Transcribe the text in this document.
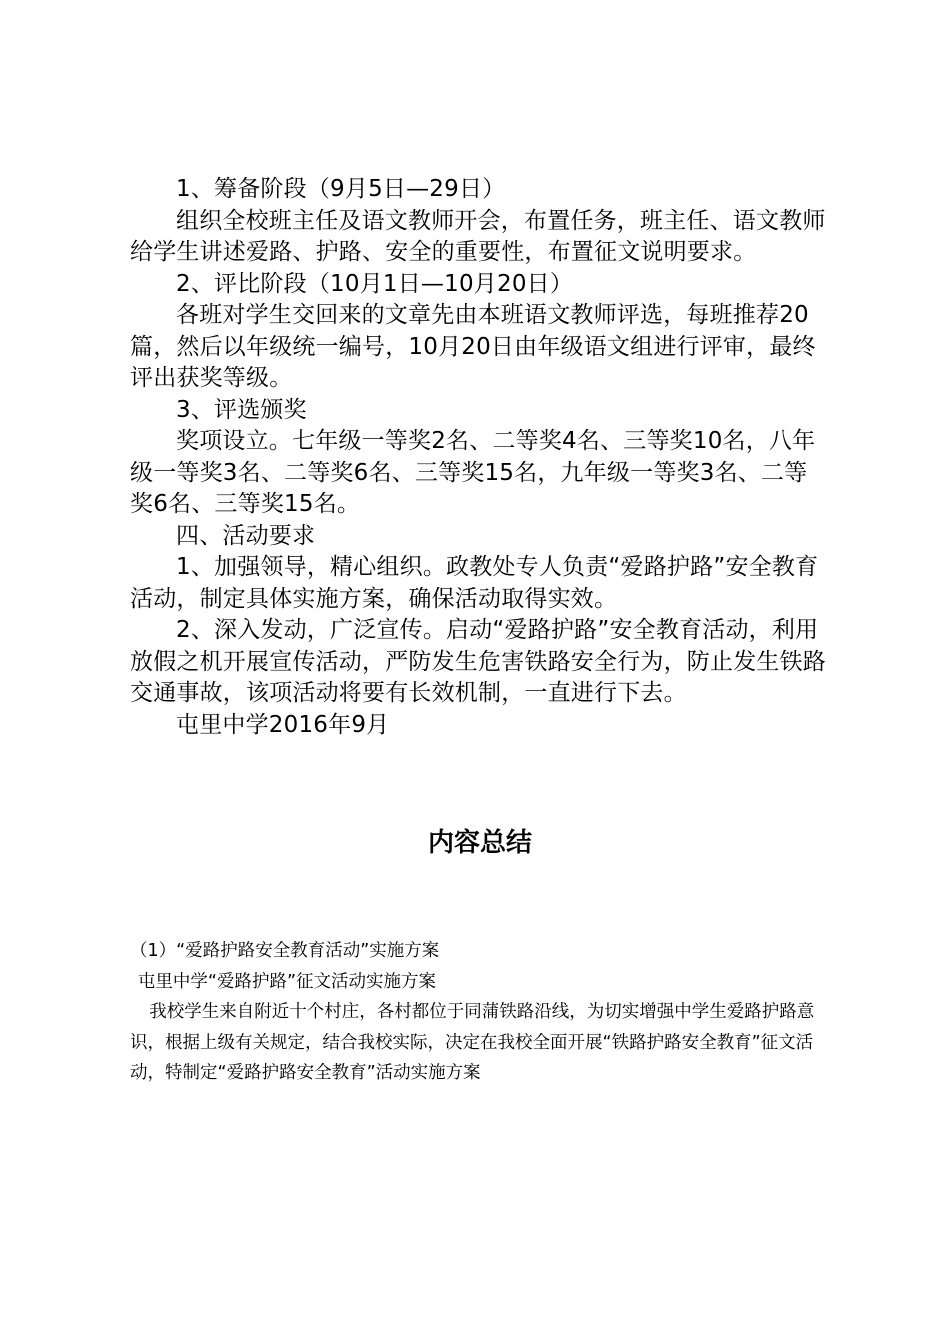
1、筹备阶段（9月5日—29日）

组织全校班主任及语文教师开会，布置任务，班主任、语文教师给学生讲述爱路、护路、安全的重要性，布置征文说明要求。

2、评比阶段（10月1日—10月20日）

各班对学生交回来的文章先由本班语文教师评选，每班推荐20篇，然后以年级统一编号，10月20日由年级语文组进行评审，最终评出获奖等级。

3、评选颁奖

奖项设立。七年级一等奖2名、二等奖4名、三等奖10名，八年级一等奖3名、二等奖6名、三等奖15名，九年级一等奖3名、二等奖6名、三等奖15名。

四、活动要求

1、加强领导，精心组织。政教处专人负责“爱路护路”安全教育活动，制定具体实施方案，确保活动取得实效。

2、深入发动，广泛宣传。启动“爱路护路”安全教育活动，利用放假之机开展宣传活动，严防发生危害铁路安全行为，防止发生铁路交通事故，该项活动将要有长效机制，一直进行下去。

屯里中学2016年9月

内容总结

（1）“爱路护路安全教育活动”实施方案

屯里中学“爱路护路”征文活动实施方案

我校学生来自附近十个村庄，各村都位于同蒲铁路沿线，为切实增强中学生爱路护路意识，根据上级有关规定，结合我校实际，决定在我校全面开展“铁路护路安全教育”征文活动，特制定“爱路护路安全教育”活动实施方案
